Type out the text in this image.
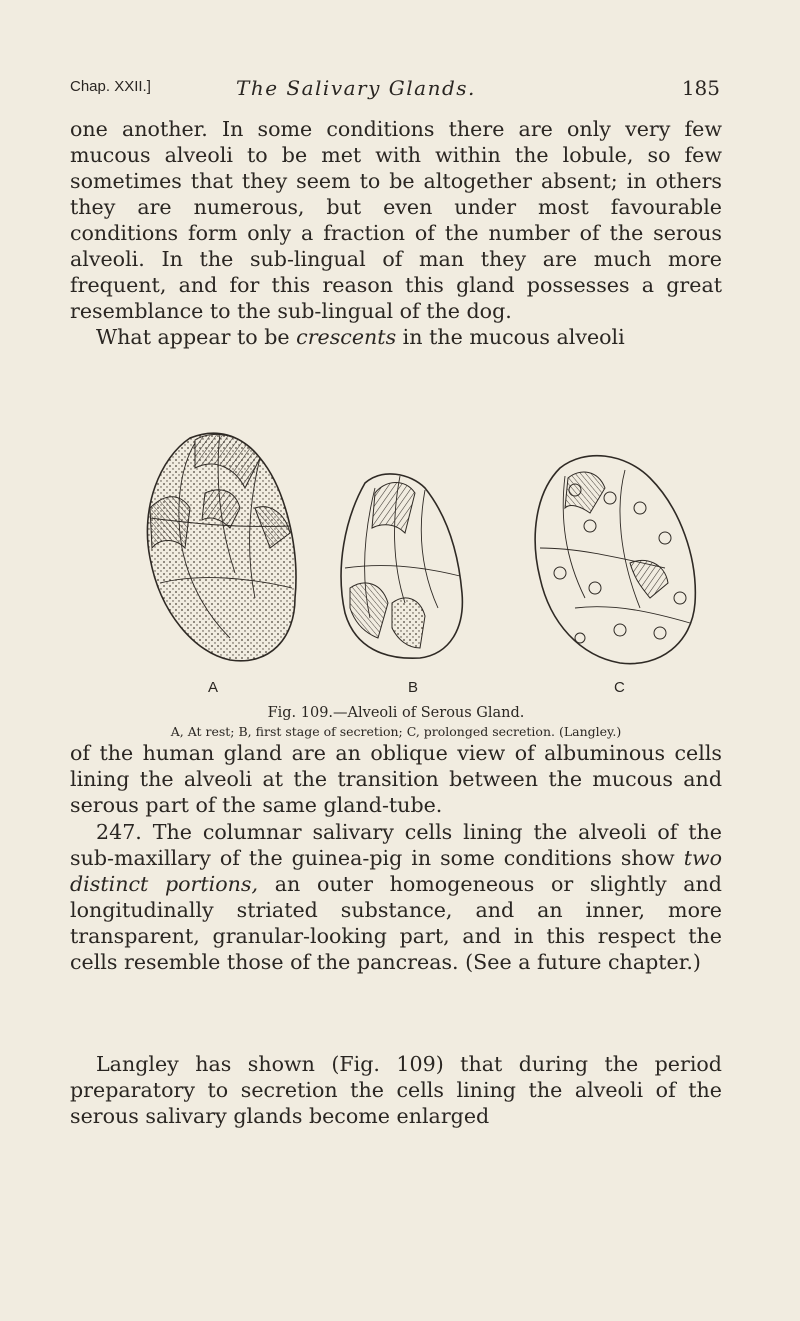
Chap. XXII.]	The Salivary Glands.	185
one another. In some conditions there are only very few mucous alveoli to be met with within the lobule, so few sometimes that they seem to be altogether absent; in others they are numerous, but even under most favourable conditions form only a fraction of the number of the serous alveoli. In the sub-lingual of man they are much more frequent, and for this reason this gland possesses a great resemblance to the sub-lingual of the dog.
What appear to be crescents in the mucous alveoli
A	B	C

Fig. 109.—Alveoli of Serous Gland.

A, At rest; B, first stage of secretion; C, prolonged secretion. (Langley.)

of the human gland are an oblique view of albuminous cells lining the alveoli at the transition between the mucous and serous part of the same gland-tube.

247. The columnar salivary cells lining the alveoli of the sub-maxillary of the guinea-pig in some conditions show two distinct portions, an outer homogeneous or slightly and longitudinally striated substance, and an inner, more transparent, granular-looking part, and in this respect the cells resemble those of the pancreas. (See a future chapter.)

Langley has shown (Fig. 109) that during the period preparatory to secretion the cells lining the alveoli of the serous salivary glands become enlarged
